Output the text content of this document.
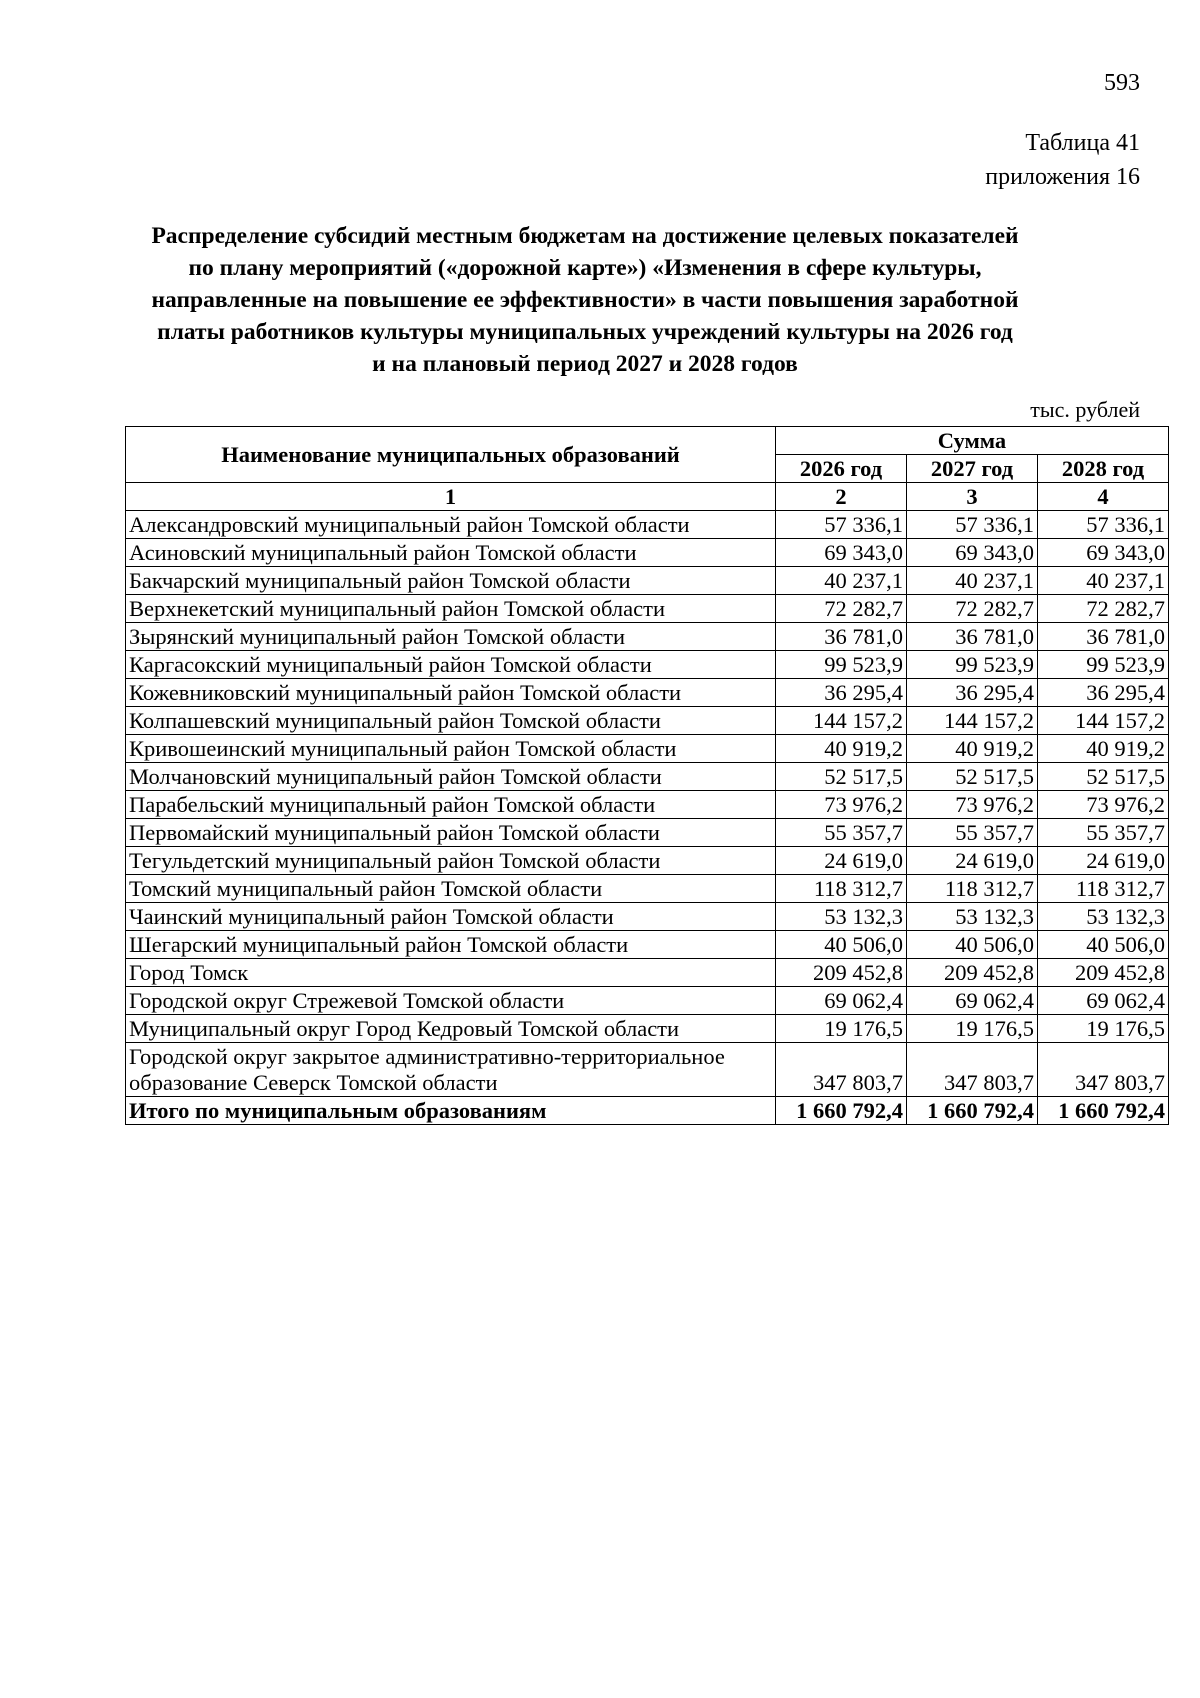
593
Таблица 41
приложения 16
Распределение субсидий местным бюджетам на достижение целевых показателей
по плану мероприятий («дорожной карте») «Изменения в сфере культуры,
направленные на повышение ее эффективности» в части повышения заработной
платы работников культуры муниципальных учреждений культуры на 2026 год
и на плановый период 2027 и 2028 годов
тыс. рублей
Наименование муниципальных образований	Сумма		
	2026 год	2027 год	2028 год
1	2	3	4
Александровский муниципальный район Томской области	57 336,1	57 336,1	57 336,1
Асиновский муниципальный район Томской области	69 343,0	69 343,0	69 343,0
Бакчарский муниципальный район Томской области	40 237,1	40 237,1	40 237,1
Верхнекетский муниципальный район Томской области	72 282,7	72 282,7	72 282,7
Зырянский муниципальный район Томской области	36 781,0	36 781,0	36 781,0
Каргасокский муниципальный район Томской области	99 523,9	99 523,9	99 523,9
Кожевниковский муниципальный район Томской области	36 295,4	36 295,4	36 295,4
Колпашевский муниципальный район Томской области	144 157,2	144 157,2	144 157,2
Кривошеинский муниципальный район Томской области	40 919,2	40 919,2	40 919,2
Молчановский муниципальный район Томской области	52 517,5	52 517,5	52 517,5
Парабельский муниципальный район Томской области	73 976,2	73 976,2	73 976,2
Первомайский муниципальный район Томской области	55 357,7	55 357,7	55 357,7
Тегульдетский муниципальный район Томской области	24 619,0	24 619,0	24 619,0
Томский муниципальный район Томской области	118 312,7	118 312,7	118 312,7
Чаинский муниципальный район Томской области	53 132,3	53 132,3	53 132,3
Шегарский муниципальный район Томской области	40 506,0	40 506,0	40 506,0
Город Томск	209 452,8	209 452,8	209 452,8
Городской округ Стрежевой Томской области	69 062,4	69 062,4	69 062,4
Муниципальный округ Город Кедровый Томской области	19 176,5	19 176,5	19 176,5
Городской округ закрытое административно-территориальное образование Северск Томской области	347 803,7	347 803,7	347 803,7
Итого по муниципальным образованиям	1 660 792,4	1 660 792,4	1 660 792,4
